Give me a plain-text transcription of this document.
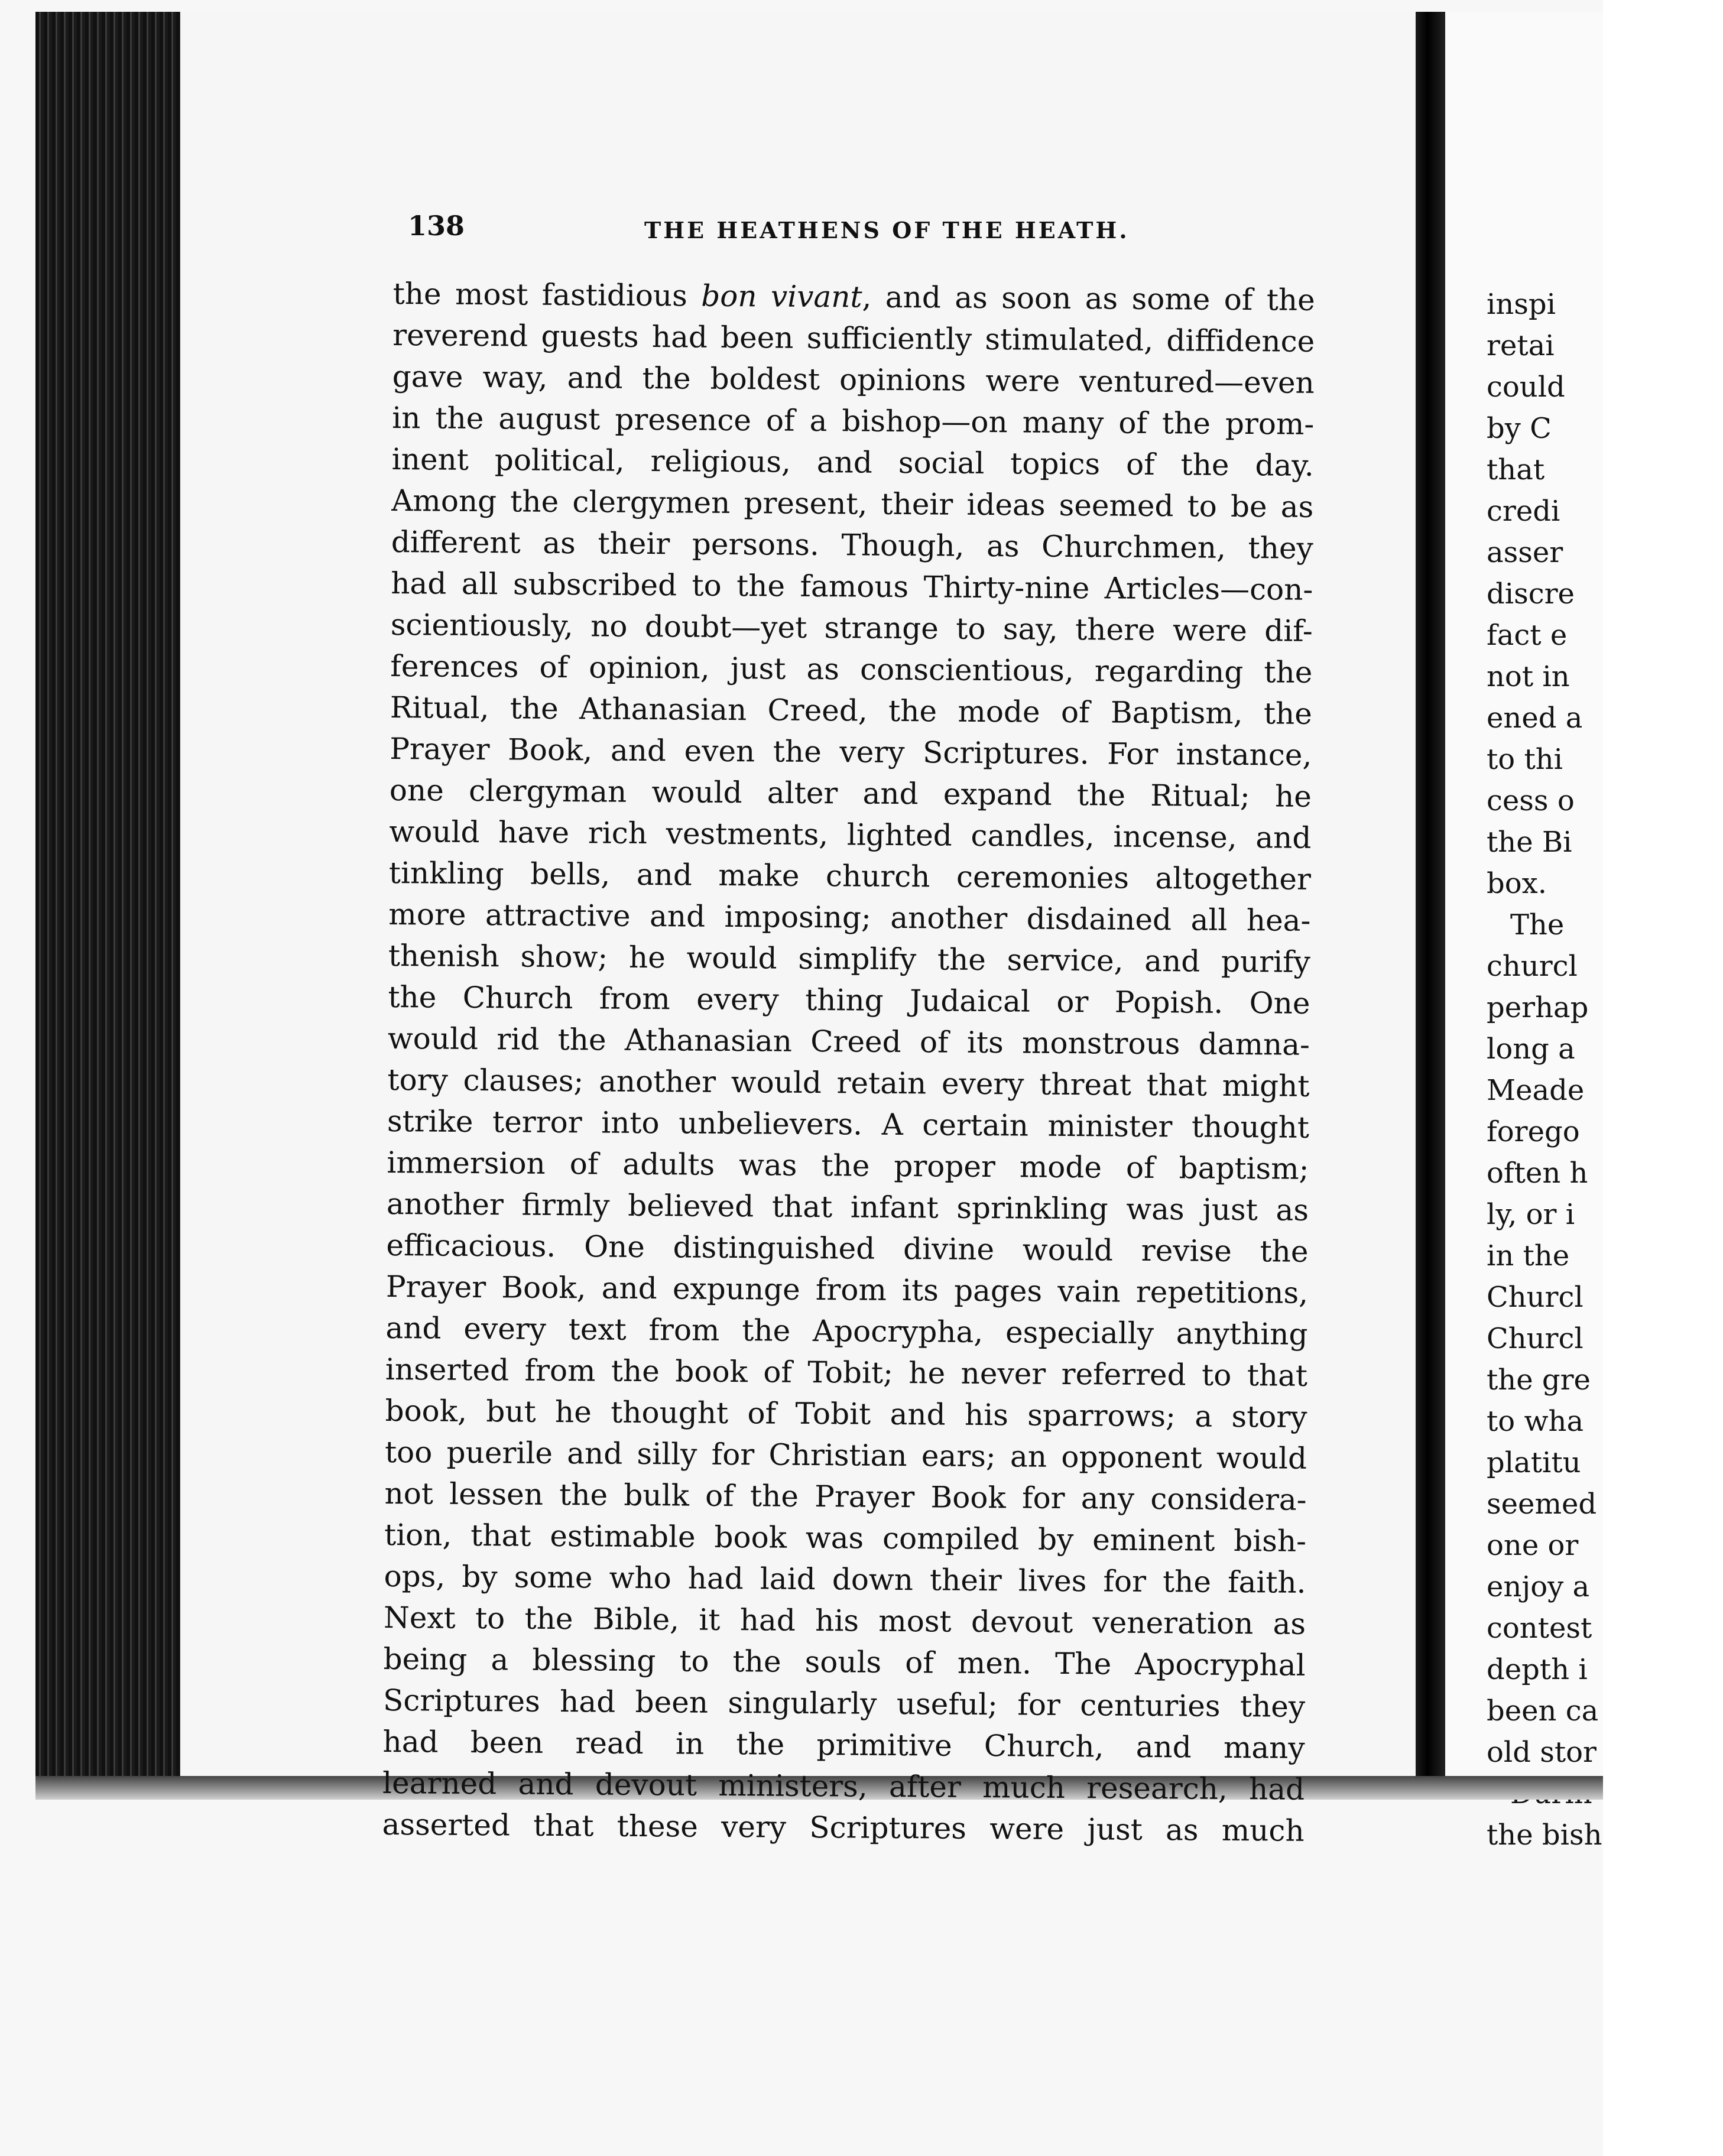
inspi
retai
could
by C
that
credi
asser
discre
fact e
not in
ened a
to thi
cess o
the Bi
box.
The
churcl
perhap
long a
Meade
forego
often h
ly, or i
in the
Churcl
Churcl
the gre
to wha
platitu
seemed
one or
enjoy a
contest
depth i
been ca
old stor
the bish
138	THE HEATHENS OF THE HEATH.
the most fastidious bon vivant, and as soon as some of the
reverend guests had been sufficiently stimulated, diffidence
gave way, and the boldest opinions were ventured—even
in the august presence of a bishop—on many of the prom-
inent political, religious, and social topics of the day.
Among the clergymen present, their ideas seemed to be as
different as their persons. Though, as Churchmen, they
had all subscribed to the famous Thirty-nine Articles—con-
scientiously, no doubt—yet strange to say, there were dif-
ferences of opinion, just as conscientious, regarding the
Ritual, the Athanasian Creed, the mode of Baptism, the
Prayer Book, and even the very Scriptures. For instance,
one clergyman would alter and expand the Ritual; he
would have rich vestments, lighted candles, incense, and
tinkling bells, and make church ceremonies altogether
more attractive and imposing; another disdained all hea-
thenish show; he would simplify the service, and purify
the Church from every thing Judaical or Popish. One
would rid the Athanasian Creed of its monstrous damna-
tory clauses; another would retain every threat that might
strike terror into unbelievers. A certain minister thought
immersion of adults was the proper mode of baptism;
another firmly believed that infant sprinkling was just as
efficacious. One distinguished divine would revise the
Prayer Book, and expunge from its pages vain repetitions,
and every text from the Apocrypha, especially anything
inserted from the book of Tobit; he never referred to that
book, but he thought of Tobit and his sparrows; a story
too puerile and silly for Christian ears; an opponent would
not lessen the bulk of the Prayer Book for any considera-
tion, that estimable book was compiled by eminent bish-
ops, by some who had laid down their lives for the faith.
Next to the Bible, it had his most devout veneration as
being a blessing to the souls of men. The Apocryphal
Scriptures had been singularly useful; for centuries they
had been read in the primitive Church, and many
learned and devout ministers, after much research, had
asserted that these very Scriptures were just as much
